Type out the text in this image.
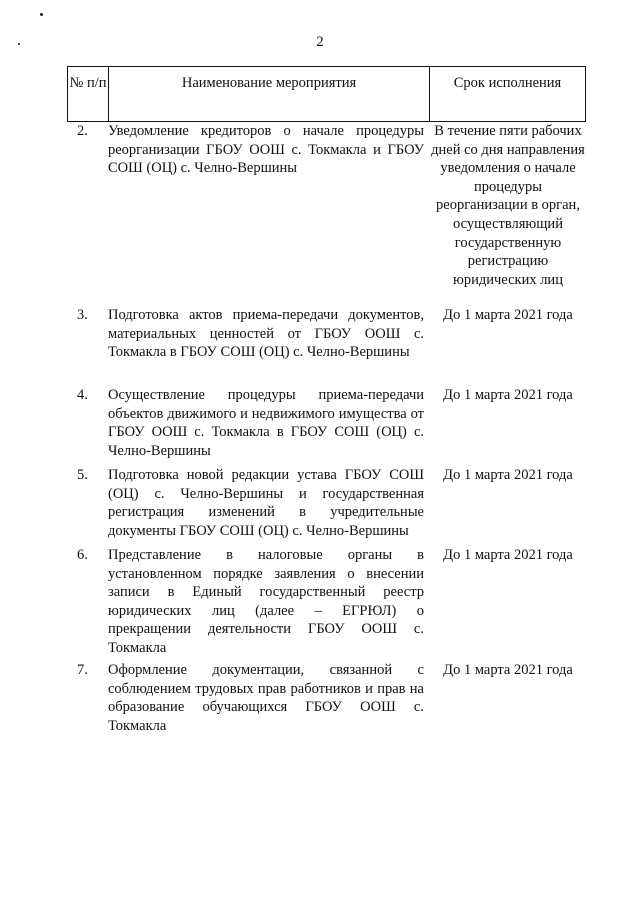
2
№ п/п	Наименование мероприятия	Срок исполнения
2. Уведомление кредиторов о начале процедуры реорганизации ГБОУ ООШ с. Токмакла и ГБОУ СОШ (ОЦ) с. Челно-Вершины
В течение пяти рабочих дней со дня направления уведомления о начале процедуры реорганизации в орган, осуществляющий государственную регистрацию юридических лиц
3. Подготовка актов приема-передачи документов, материальных ценностей от ГБОУ ООШ с. Токмакла в ГБОУ СОШ (ОЦ) с. Челно-Вершины
До 1 марта 2021 года
4. Осуществление процедуры приема-передачи объектов движимого и недвижимого имущества от ГБОУ ООШ с. Токмакла в ГБОУ СОШ (ОЦ) с. Челно-Вершины
До 1 марта 2021 года
5. Подготовка новой редакции устава ГБОУ СОШ (ОЦ) с. Челно-Вершины и государственная регистрация изменений в учредительные документы ГБОУ СОШ (ОЦ) с. Челно-Вершины
До 1 марта 2021 года
6. Представление в налоговые органы в установленном порядке заявления о внесении записи в Единый государственный реестр юридических лиц (далее – ЕГРЮЛ) о прекращении деятельности ГБОУ ООШ с. Токмакла
До 1 марта 2021 года
7. Оформление документации, связанной с соблюдением трудовых прав работников и прав на образование обучающихся ГБОУ ООШ с. Токмакла
До 1 марта 2021 года
